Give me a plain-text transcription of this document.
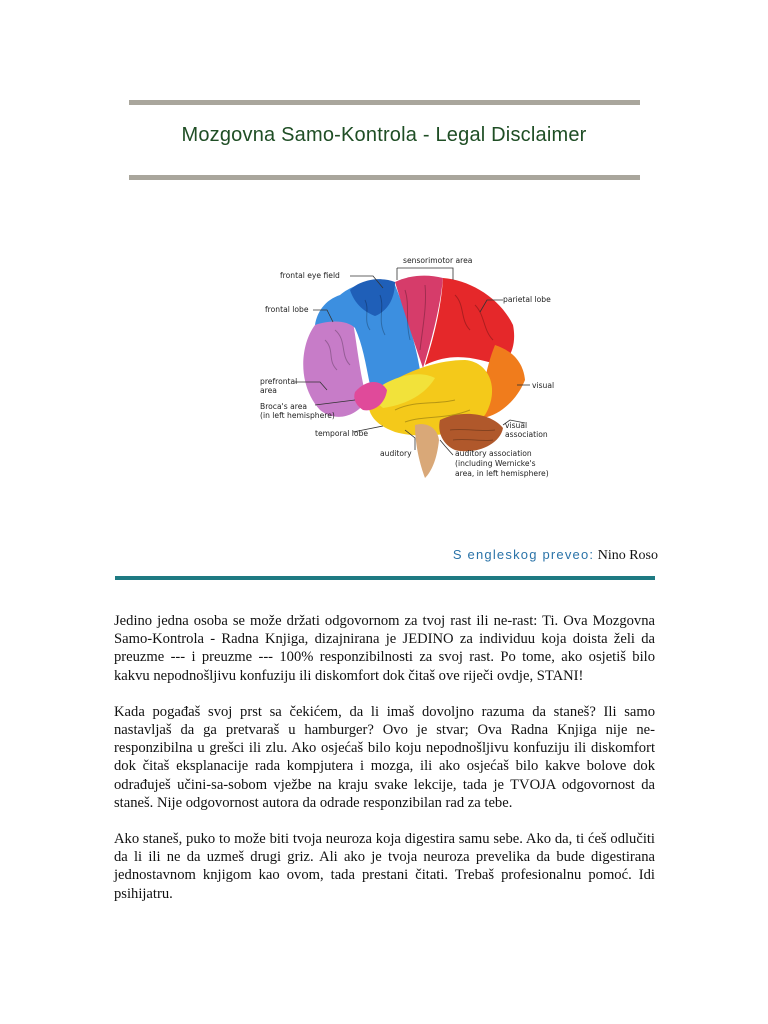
Mozgovna Samo-Kontrola - Legal Disclaimer
sensorimotor area
frontal eye field
frontal lobe
parietal lobe
prefrontal
area
Broca's area
(in left hemisphere)
temporal lobe
visual
visual
association
auditory	auditory association
(including Wernicke's
area, in left hemisphere)
S engleskog preveo: Nino Roso

Jedino jedna osoba se može držati odgovornom za tvoj rast ili ne-rast: Ti. Ova Mozgovna Samo-Kontrola - Radna Knjiga, dizajnirana je JEDINO za individuu koja doista želi da preuzme --- i preuzme --- 100% responzibilnosti za svoj rast. Po tome, ako osjetiš bilo kakvu nepodnošljivu konfuziju ili diskomfort dok čitaš ove riječi ovdje, STANI!

Kada pogađaš svoj prst sa čekićem, da li imaš dovoljno razuma da staneš? Ili samo nastavljaš da ga pretvaraš u hamburger? Ovo je stvar; Ova Radna Knjiga nije ne-responzibilna u grešci ili zlu. Ako osjećaš bilo koju nepodnošljivu konfuziju ili diskomfort dok čitaš eksplanacije rada kompjutera i mozga, ili ako osjećaš bilo kakve bolove dok odrađuješ učini-sa-sobom vježbe na kraju svake lekcije, tada je TVOJA odgovornost da staneš. Nije odgovornost autora da odrade responzibilan rad za tebe.

Ako staneš, puko to može biti tvoja neuroza koja digestira samu sebe. Ako da, ti ćeš odlučiti da li ili ne da uzmeš drugi griz. Ali ako je tvoja neuroza prevelika da bude digestirana jednostavnom knjigom kao ovom, tada prestani čitati. Trebaš profesionalnu pomoć. Idi psihijatru.
